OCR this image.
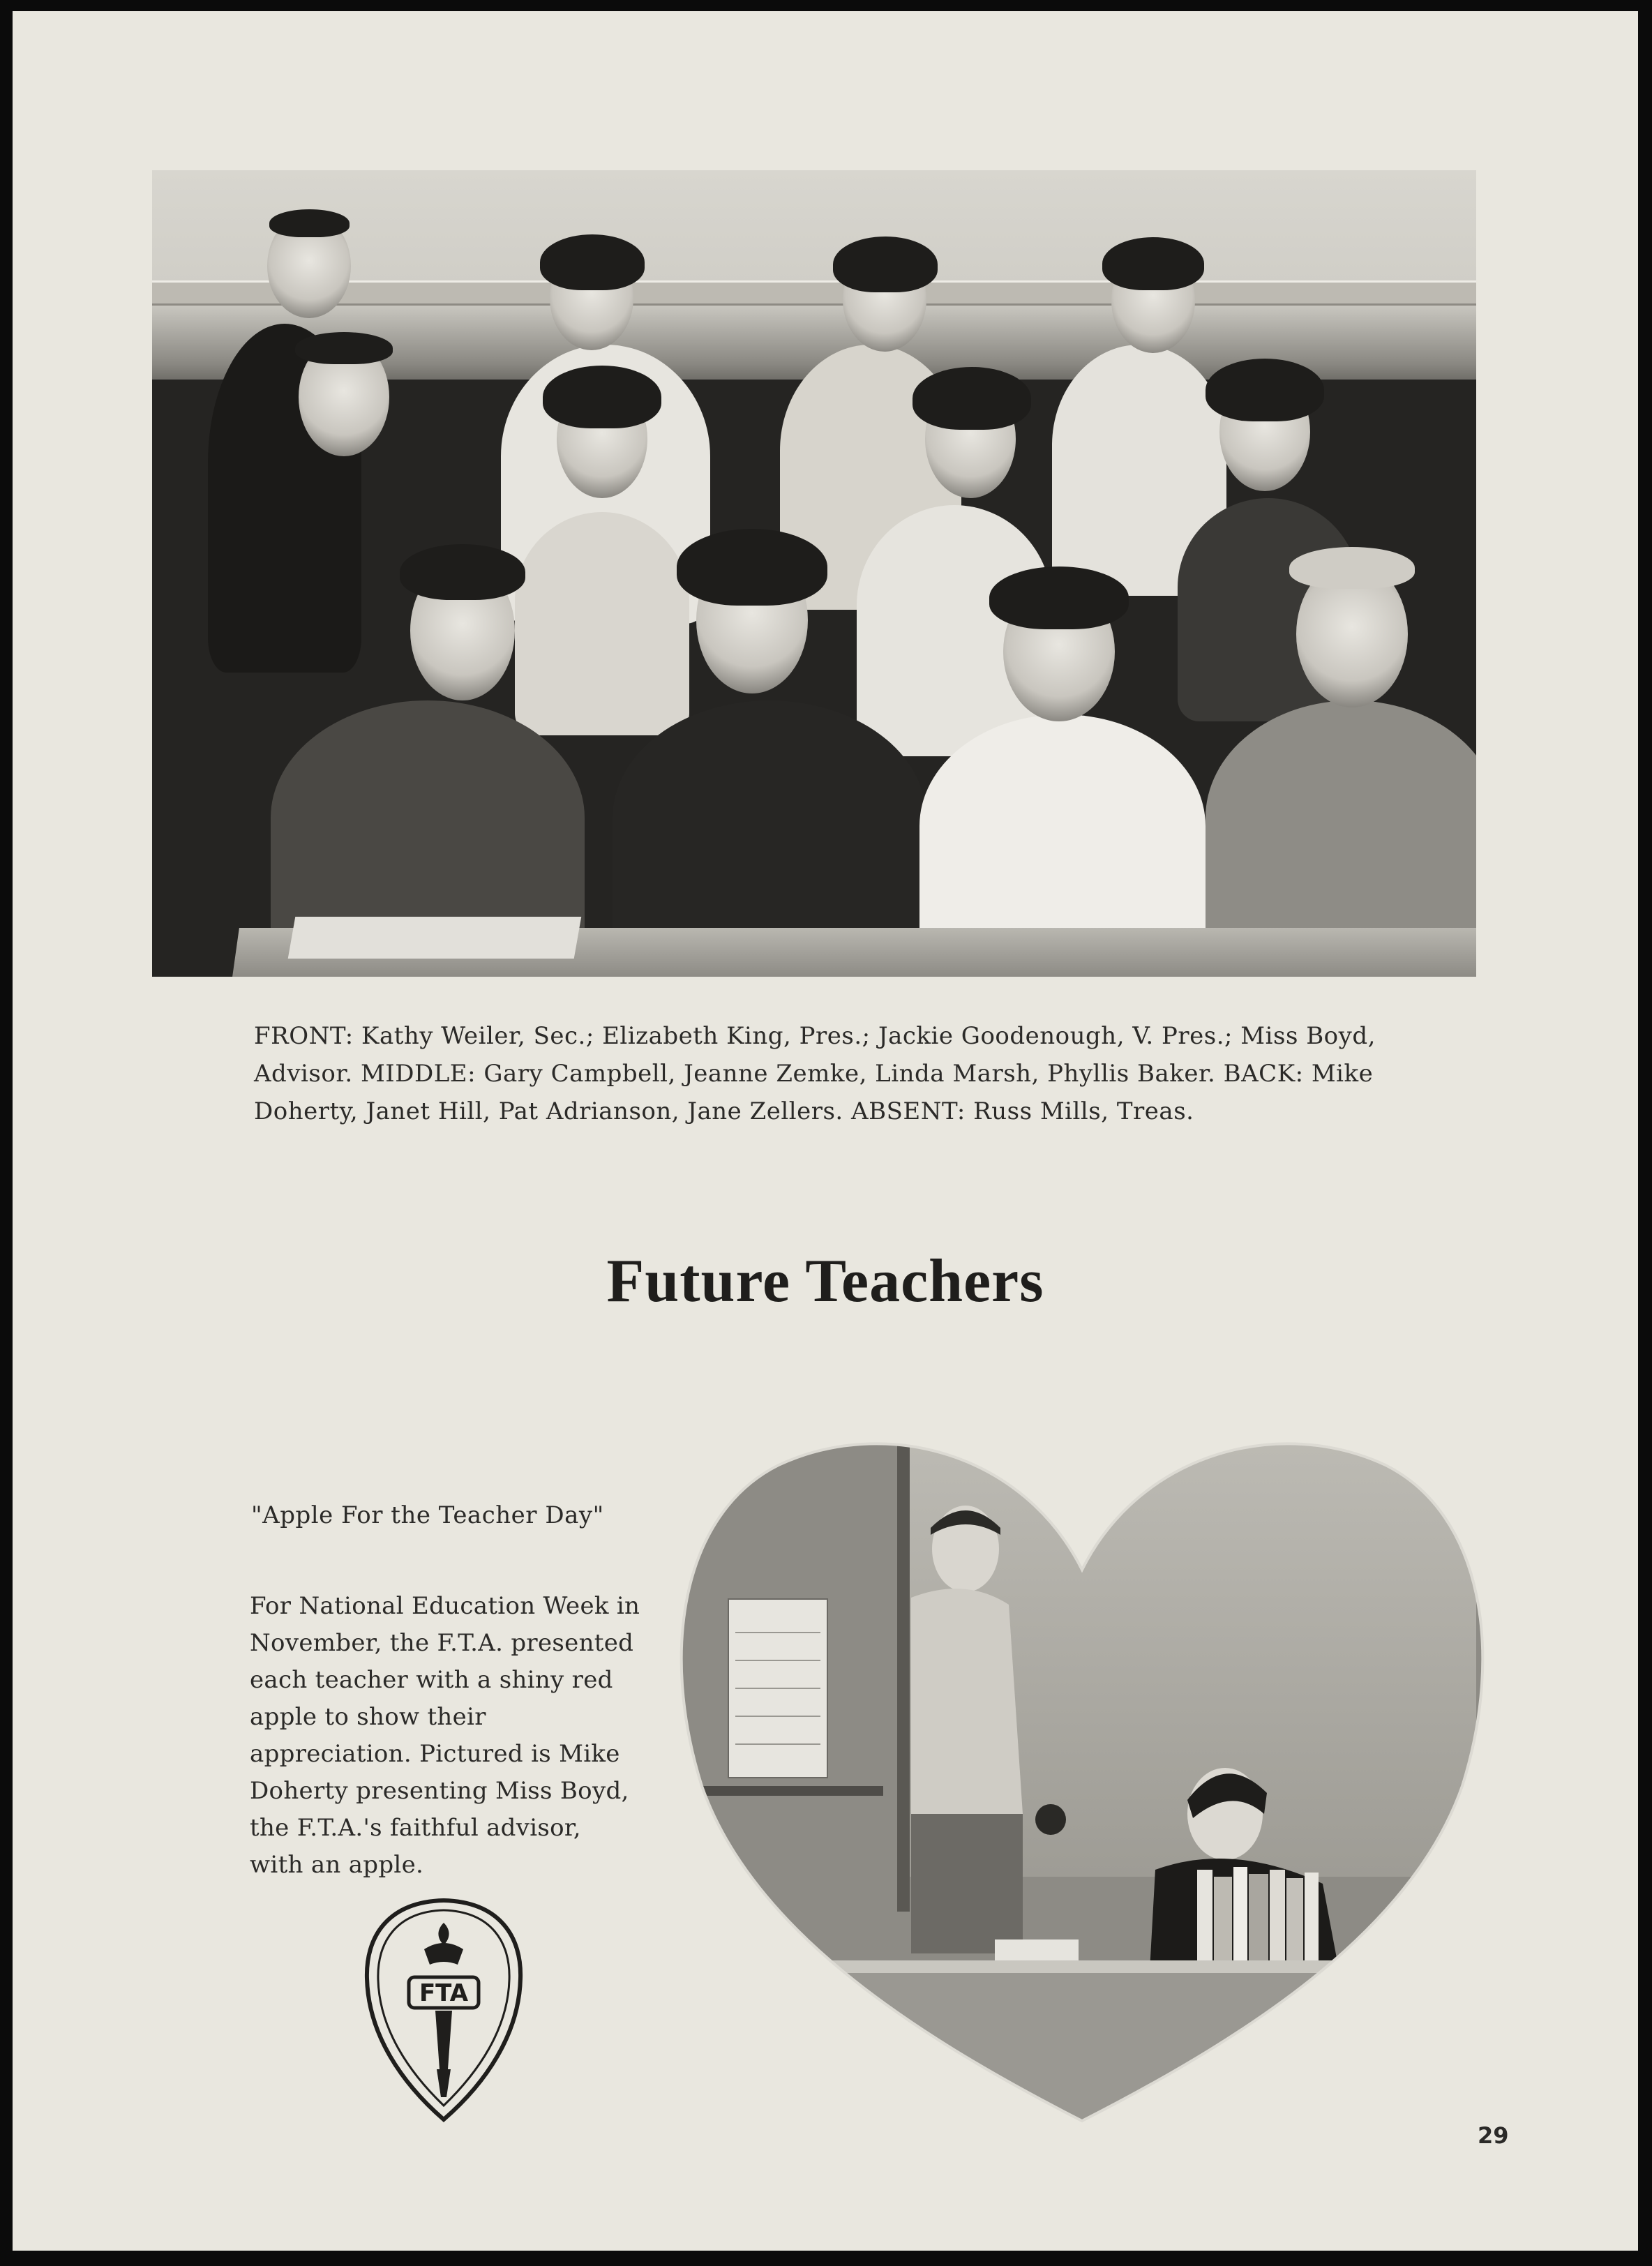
FRONT: Kathy Weiler, Sec.; Elizabeth King, Pres.; Jackie Goodenough, V. Pres.; Miss Boyd, Advisor. MIDDLE: Gary Campbell, Jeanne Zemke, Linda Marsh, Phyllis Baker. BACK: Mike Doherty, Janet Hill, Pat Adrianson, Jane Zellers. ABSENT: Russ Mills, Treas.

Future Teachers

"Apple For the Teacher Day"

For National Education Week in November, the F.T.A. presented each teacher with a shiny red apple to show their appreciation. Pictured is Mike Doherty presenting Miss Boyd, the F.T.A.'s faithful advisor, with an apple.

FTA

29
